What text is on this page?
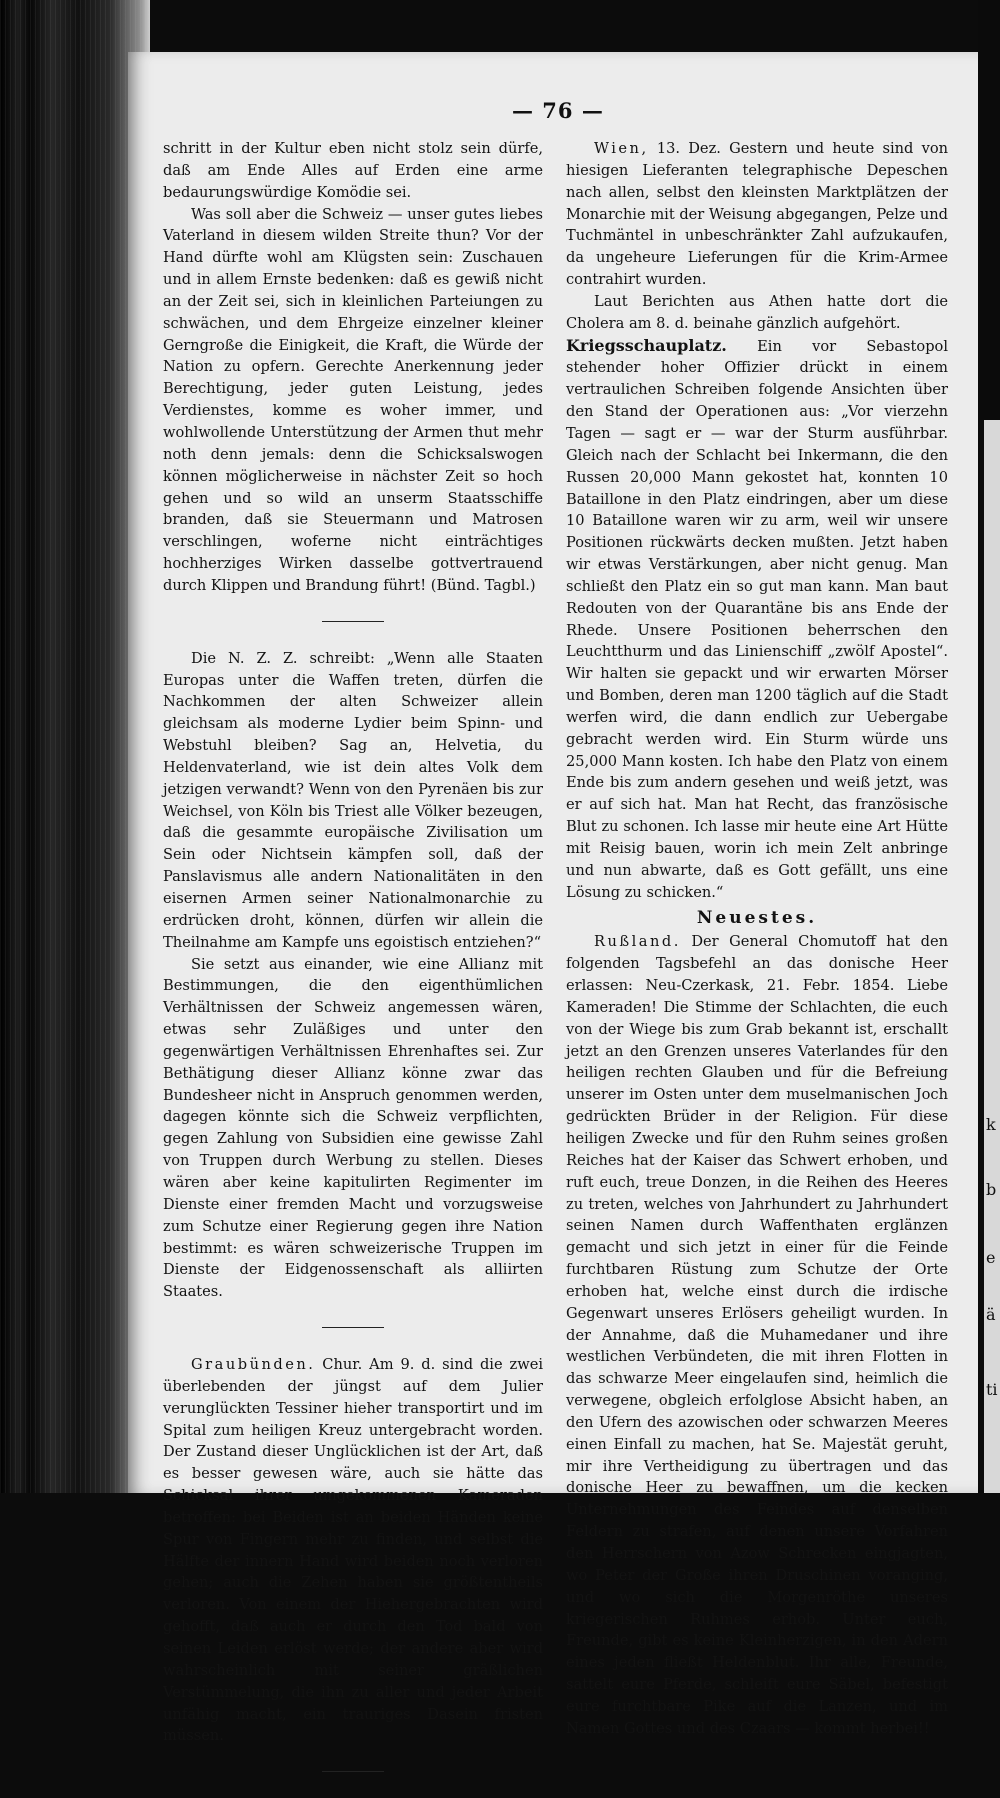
k
b
e
ä
ti
— 76 —

schritt in der Kultur eben nicht stolz sein dürfe, daß am Ende Alles auf Erden eine arme bedaurungswürdige Komödie sei.

Was soll aber die Schweiz — unser gutes liebes Vaterland in diesem wilden Streite thun? Vor der Hand dürfte wohl am Klügsten sein: Zuschauen und in allem Ernste bedenken: daß es gewiß nicht an der Zeit sei, sich in kleinlichen Parteiungen zu schwächen, und dem Ehrgeize einzelner kleiner Gerngroße die Einigkeit, die Kraft, die Würde der Nation zu opfern. Gerechte Anerkennung jeder Berechtigung, jeder guten Leistung, jedes Verdienstes, komme es woher immer, und wohlwollende Unterstützung der Armen thut mehr noth denn jemals: denn die Schicksalswogen können möglicherweise in nächster Zeit so hoch gehen und so wild an unserm Staatsschiffe branden, daß sie Steuermann und Matrosen verschlingen, woferne nicht einträchtiges hochherziges Wirken dasselbe gottvertrauend durch Klippen und Brandung führt! (Bünd. Tagbl.)

Die N. Z. Z. schreibt: „Wenn alle Staaten Europas unter die Waffen treten, dürfen die Nachkommen der alten Schweizer allein gleichsam als moderne Lydier beim Spinn- und Webstuhl bleiben? Sag an, Helvetia, du Heldenvaterland, wie ist dein altes Volk dem jetzigen verwandt? Wenn von den Pyrenäen bis zur Weichsel, von Köln bis Triest alle Völker bezeugen, daß die gesammte europäische Zivilisation um Sein oder Nichtsein kämpfen soll, daß der Panslavismus alle andern Nationalitäten in den eisernen Armen seiner Nationalmonarchie zu erdrücken droht, können, dürfen wir allein die Theilnahme am Kampfe uns egoistisch entziehen?“

Sie setzt aus einander, wie eine Allianz mit Bestimmungen, die den eigenthümlichen Verhältnissen der Schweiz angemessen wären, etwas sehr Zuläßiges und unter den gegenwärtigen Verhältnissen Ehrenhaftes sei. Zur Bethätigung dieser Allianz könne zwar das Bundesheer nicht in Anspruch genommen werden, dagegen könnte sich die Schweiz verpflichten, gegen Zahlung von Subsidien eine gewisse Zahl von Truppen durch Werbung zu stellen. Dieses wären aber keine kapitulirten Regimenter im Dienste einer fremden Macht und vorzugsweise zum Schutze einer Regierung gegen ihre Nation bestimmt: es wären schweizerische Truppen im Dienste der Eidgenossenschaft als alliirten Staates.

Graubünden. Chur. Am 9. d. sind die zwei überlebenden der jüngst auf dem Julier verunglückten Tessiner hieher transportirt und im Spital zum heiligen Kreuz untergebracht worden. Der Zustand dieser Unglücklichen ist der Art, daß es besser gewesen wäre, auch sie hätte das Schicksal ihrer umgekommenen Kameraden betroffen: bei Beiden ist an beiden Händen keine Spur von Fingern mehr zu finden, und selbst die Hälfte der innern Hand wird beiden noch verloren gehen; auch die Zehen haben sie größtentheils verloren. Von einem der Hiehergebrachten wird gehofft, daß auch er durch den Tod bald von seinen Leiden erlöst werde; der andere aber wird wahrscheinlich mit seiner gräßlichen Verstümmelung, die ihn zu aller und jeder Arbeit unfähig macht, ein trauriges Dasein fristen müssen.

Wien, 13. Dez. Gestern und heute sind von hiesigen Lieferanten telegraphische Depeschen nach allen, selbst den kleinsten Marktplätzen der Monarchie mit der Weisung abgegangen, Pelze und Tuchmäntel in unbeschränkter Zahl aufzukaufen, da ungeheure Lieferungen für die Krim-Armee contrahirt wurden.

Laut Berichten aus Athen hatte dort die Cholera am 8. d. beinahe gänzlich aufgehört.

Kriegsschauplatz. Ein vor Sebastopol stehender hoher Offizier drückt in einem vertraulichen Schreiben folgende Ansichten über den Stand der Operationen aus: „Vor vierzehn Tagen — sagt er — war der Sturm ausführbar. Gleich nach der Schlacht bei Inkermann, die den Russen 20,000 Mann gekostet hat, konnten 10 Bataillone in den Platz eindringen, aber um diese 10 Bataillone waren wir zu arm, weil wir unsere Positionen rückwärts decken mußten. Jetzt haben wir etwas Verstärkungen, aber nicht genug. Man schließt den Platz ein so gut man kann. Man baut Redouten von der Quarantäne bis ans Ende der Rhede. Unsere Positionen beherrschen den Leuchtthurm und das Linienschiff „zwölf Apostel“. Wir halten sie gepackt und wir erwarten Mörser und Bomben, deren man 1200 täglich auf die Stadt werfen wird, die dann endlich zur Uebergabe gebracht werden wird. Ein Sturm würde uns 25,000 Mann kosten. Ich habe den Platz von einem Ende bis zum andern gesehen und weiß jetzt, was er auf sich hat. Man hat Recht, das französische Blut zu schonen. Ich lasse mir heute eine Art Hütte mit Reisig bauen, worin ich mein Zelt anbringe und nun abwarte, daß es Gott gefällt, uns eine Lösung zu schicken.“

Neuestes.

Rußland. Der General Chomutoff hat den folgenden Tagsbefehl an das donische Heer erlassen: Neu-Czerkask, 21. Febr. 1854. Liebe Kameraden! Die Stimme der Schlachten, die euch von der Wiege bis zum Grab bekannt ist, erschallt jetzt an den Grenzen unseres Vaterlandes für den heiligen rechten Glauben und für die Befreiung unserer im Osten unter dem muselmanischen Joch gedrückten Brüder in der Religion. Für diese heiligen Zwecke und für den Ruhm seines großen Reiches hat der Kaiser das Schwert erhoben, und ruft euch, treue Donzen, in die Reihen des Heeres zu treten, welches von Jahrhundert zu Jahrhundert seinen Namen durch Waffenthaten erglänzen gemacht und sich jetzt in einer für die Feinde furchtbaren Rüstung zum Schutze der Orte erhoben hat, welche einst durch die irdische Gegenwart unseres Erlösers geheiligt wurden. In der Annahme, daß die Muhamedaner und ihre westlichen Verbündeten, die mit ihren Flotten in das schwarze Meer eingelaufen sind, heimlich die verwegene, obgleich erfolglose Absicht haben, an den Ufern des azowischen oder schwarzen Meeres einen Einfall zu machen, hat Se. Majestät geruht, mir ihre Vertheidigung zu übertragen und das donische Heer zu bewaffnen, um die kecken Unternehmungen des Feindes auf denselben Feldern zu strafen, auf denen unsere Vorfahren den Herrschern von Azow Schrecken eingjagten, wo Peter der Große ihren Druschinen voranging, und wo sich die Morgenröthe unseres kriegerischen Ruhmes erhob. Unter euch, Freunde, gibt es keine Kleinherzigen, in den Adern eines jeden fließt Heldenblut. Ihr alle, Freunde, sattelt eure Pferde, schleift eure Säbel, befestigt eure furchtbare Pike auf die Lanzen, und im Namen Gottes und des Czaars — kommt herbei!!
